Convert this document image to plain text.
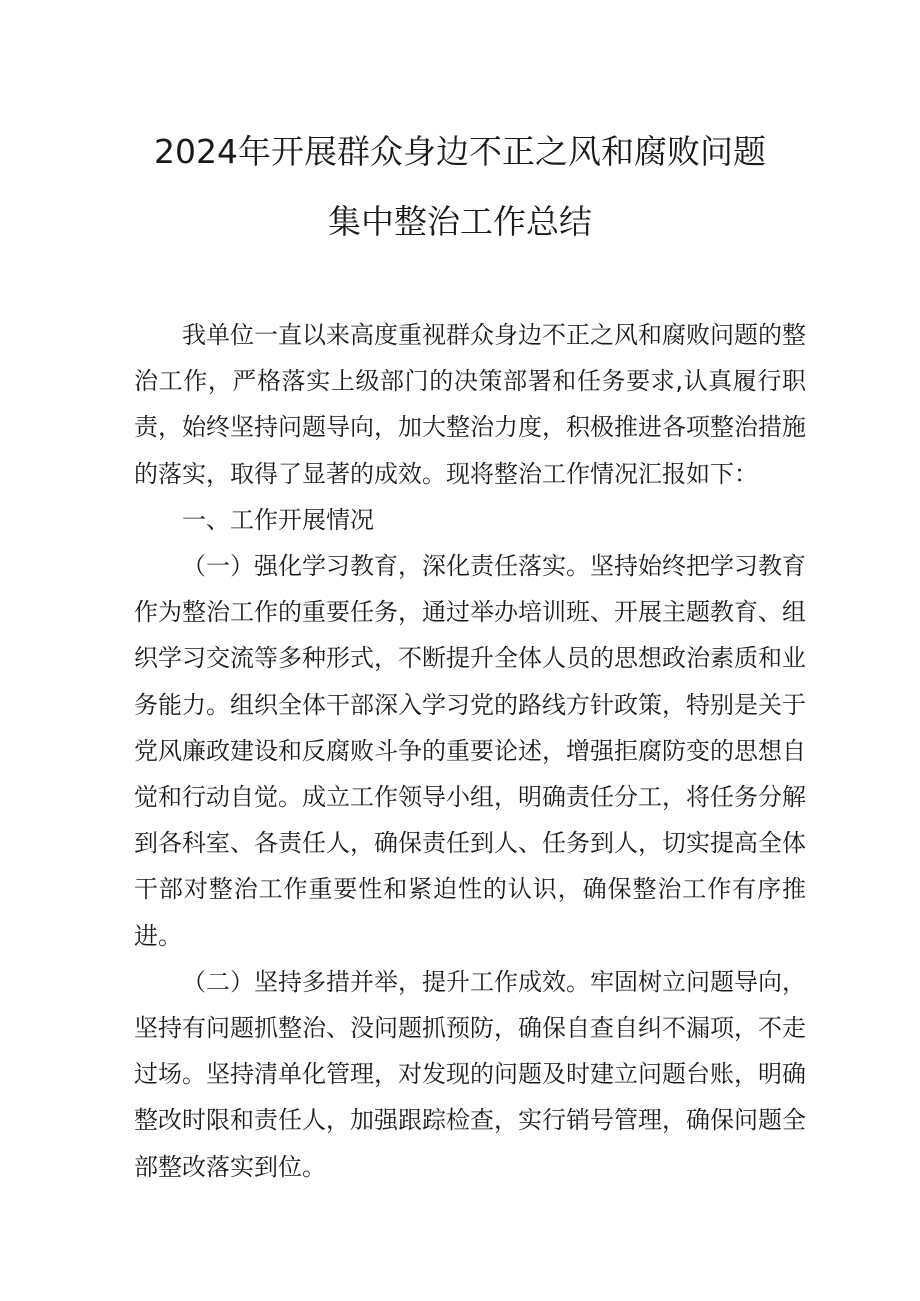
2024年开展群众身边不正之风和腐败问题
集中整治工作总结

我单位一直以来高度重视群众身边不正之风和腐败问题的整治工作，严格落实上级部门的决策部署和任务要求,认真履行职责，始终坚持问题导向，加大整治力度，积极推进各项整治措施的落实，取得了显著的成效。现将整治工作情况汇报如下：

一、工作开展情况

（一）强化学习教育，深化责任落实。坚持始终把学习教育作为整治工作的重要任务，通过举办培训班、开展主题教育、组织学习交流等多种形式，不断提升全体人员的思想政治素质和业务能力。组织全体干部深入学习党的路线方针政策，特别是关于党风廉政建设和反腐败斗争的重要论述，增强拒腐防变的思想自觉和行动自觉。成立工作领导小组，明确责任分工，将任务分解到各科室、各责任人，确保责任到人、任务到人，切实提高全体干部对整治工作重要性和紧迫性的认识，确保整治工作有序推进。

（二）坚持多措并举，提升工作成效。牢固树立问题导向，坚持有问题抓整治、没问题抓预防，确保自查自纠不漏项，不走过场。坚持清单化管理，对发现的问题及时建立问题台账，明确整改时限和责任人，加强跟踪检查，实行销号管理，确保问题全部整改落实到位。
